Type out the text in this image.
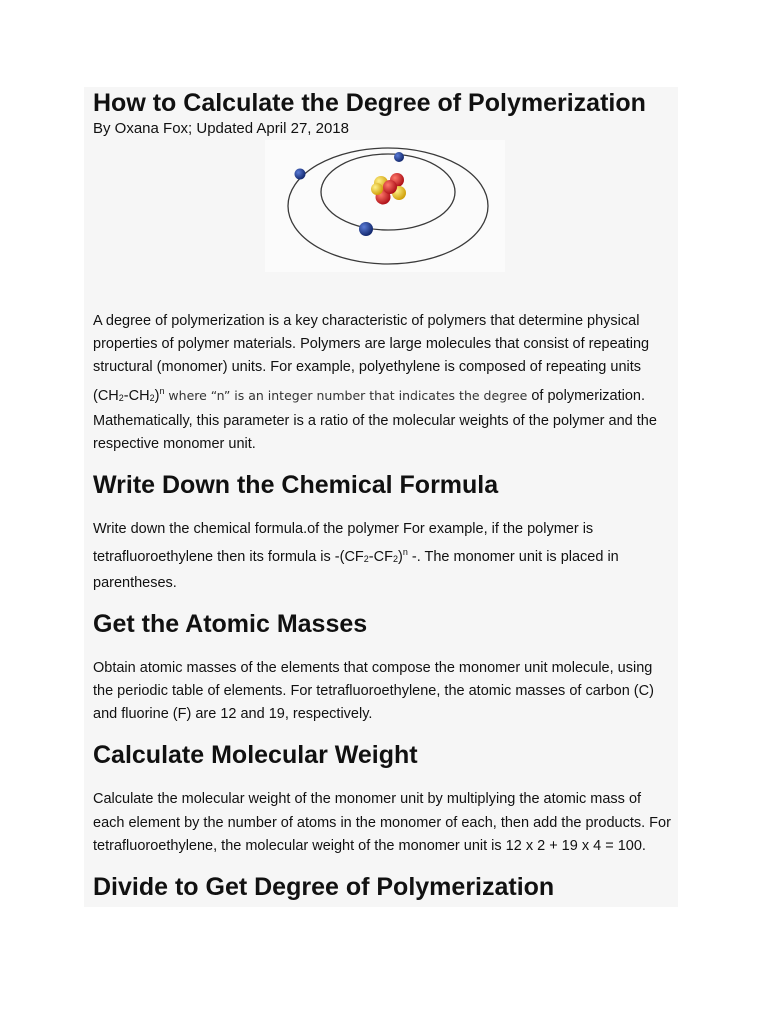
How to Calculate the Degree of Polymerization
By Oxana Fox; Updated April 27, 2018

A degree of polymerization is a key characteristic of polymers that determine physical properties of polymer materials. Polymers are large molecules that consist of repeating structural (monomer) units. For example, polyethylene is composed of repeating units $(CH_2-CH_2)^n$ where “n” is an integer number that indicates the degree of polymerization. Mathematically, this parameter is a ratio of the molecular weights of the polymer and the respective monomer unit.

Write Down the Chemical Formula

Write down the chemical formula.of the polymer For example, if the polymer is tetrafluoroethylene then its formula is $-(CF_2-CF_2)^n$ -. The monomer unit is placed in parentheses.

Get the Atomic Masses

Obtain atomic masses of the elements that compose the monomer unit molecule, using the periodic table of elements. For tetrafluoroethylene, the atomic masses of carbon (C) and fluorine (F) are 12 and 19, respectively.

Calculate Molecular Weight

Calculate the molecular weight of the monomer unit by multiplying the atomic mass of each element by the number of atoms in the monomer of each, then add the products. For tetrafluoroethylene, the molecular weight of the monomer unit is 12 x 2 + 19 x 4 = 100.

Divide to Get Degree of Polymerization
